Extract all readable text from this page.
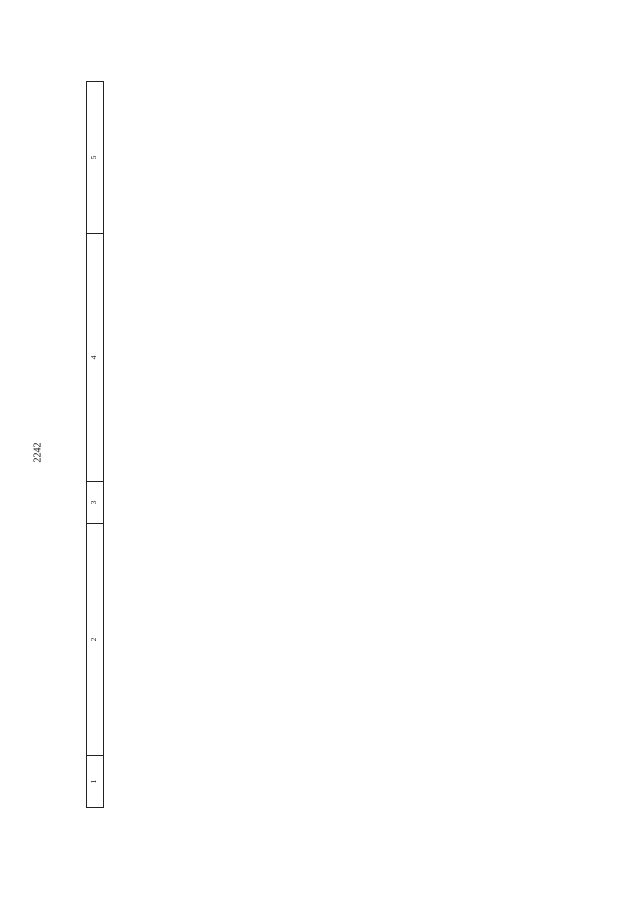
2242
1	2	3	4	5
